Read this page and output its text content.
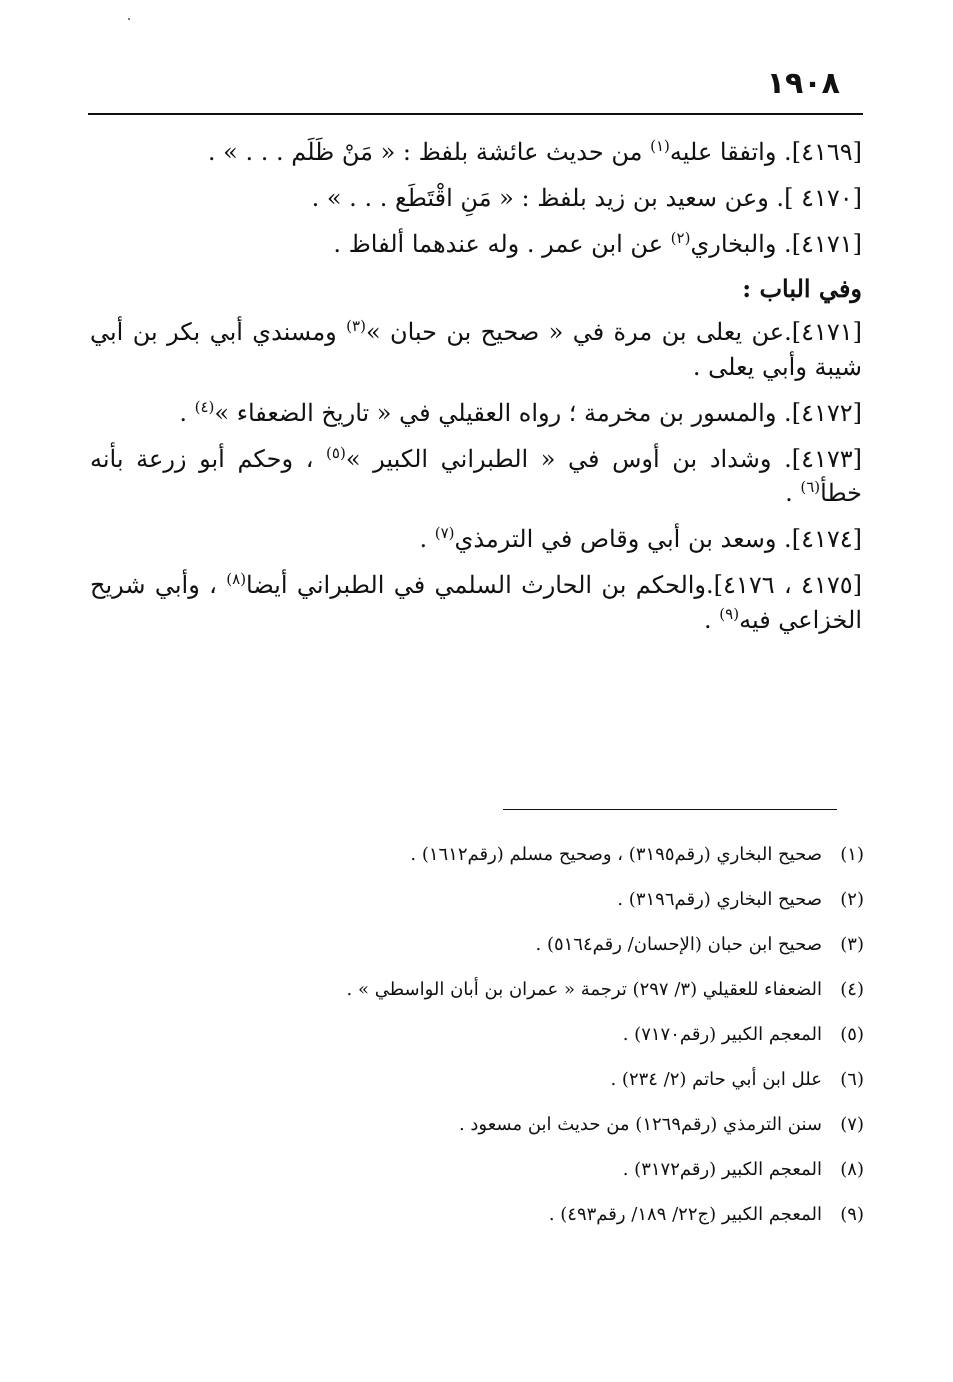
١٩٠٨

[٤١٦٩]. واتفقا عليه$^{(١)}$ من حديث عائشة بلفظ : « مَنْ ظَلَم . . . » .

[٤١٧٠ ]. وعن سعيد بن زيد بلفظ : « مَنِ اقْتَطَع . . . » .

[٤١٧١]. والبخاري$^{(٢)}$ عن ابن عمر . وله عندهما ألفاظ .

وفي الباب :

[٤١٧١].عن يعلى بن مرة في « صحيح بن حبان »$^{(٣)}$ ومسندي أبي بكر بن أبي شيبة وأبي يعلى .

[٤١٧٢]. والمسور بن مخرمة ؛ رواه العقيلي في « تاريخ الضعفاء »$^{(٤)}$ .

[٤١٧٣]. وشداد بن أوس في « الطبراني الكبير »$^{(٥)}$ ، وحكم أبو زرعة بأنه خطأ$^{(٦)}$ .

[٤١٧٤]. وسعد بن أبي وقاص في الترمذي$^{(٧)}$ .

[٤١٧٥ ، ٤١٧٦].والحكم بن الحارث السلمي في الطبراني أيضا$^{(٨)}$ ، وأبي شريح الخزاعي فيه$^{(٩)}$ .

(١)صحيح البخاري (رقم٣١٩٥) ، وصحيح مسلم (رقم١٦١٢) .
(٢)صحيح البخاري (رقم٣١٩٦) .
(٣)صحيح ابن حبان (الإحسان/ رقم٥١٦٤) .
(٤)الضعفاء للعقيلي (٣/ ٢٩٧) ترجمة « عمران بن أبان الواسطي » .
(٥)المعجم الكبير (رقم٧١٧٠) .
(٦)علل ابن أبي حاتم (٢/ ٢٣٤) .
(٧)سنن الترمذي (رقم١٢٦٩) من حديث ابن مسعود .
(٨)المعجم الكبير (رقم٣١٧٢) .
(٩)المعجم الكبير (ج٢٢/ ١٨٩/ رقم٤٩٣) .
